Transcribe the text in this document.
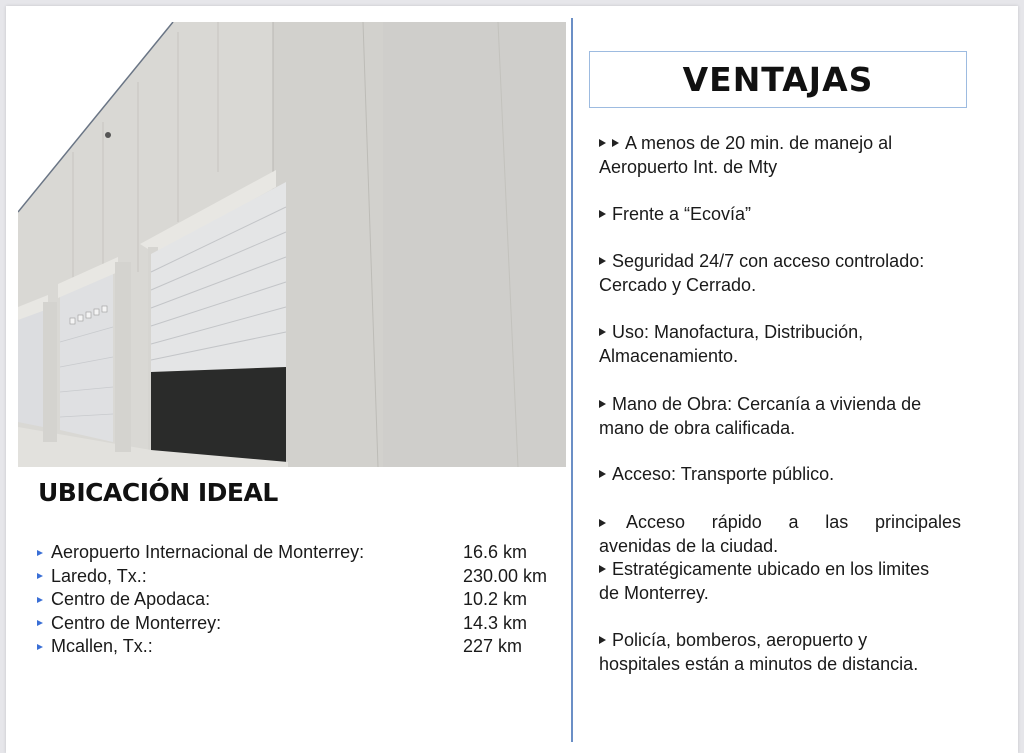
UBICACIÓN IDEAL
Aeropuerto Internacional de Monterrey:	16.6 km
Laredo, Tx.:	230.00 km
Centro de Apodaca:	10.2 km
Centro de Monterrey:	14.3 km
Mcallen, Tx.:	227 km
VENTAJAS
A menos de 20 min. de manejo al
Aeropuerto Int. de Mty
Frente a “Ecovía”
Seguridad 24/7 con acceso controlado:
Cercado y Cerrado.
Uso: Manofactura, Distribución,
Almacenamiento.
Mano de Obra: Cercanía a vivienda de
mano de obra calificada.
Acceso: Transporte público.
Acceso rápido a las principales
avenidas de la ciudad.
Estratégicamente ubicado en los limites
de Monterrey.
Policía, bomberos, aeropuerto y
hospitales están a minutos de distancia.
